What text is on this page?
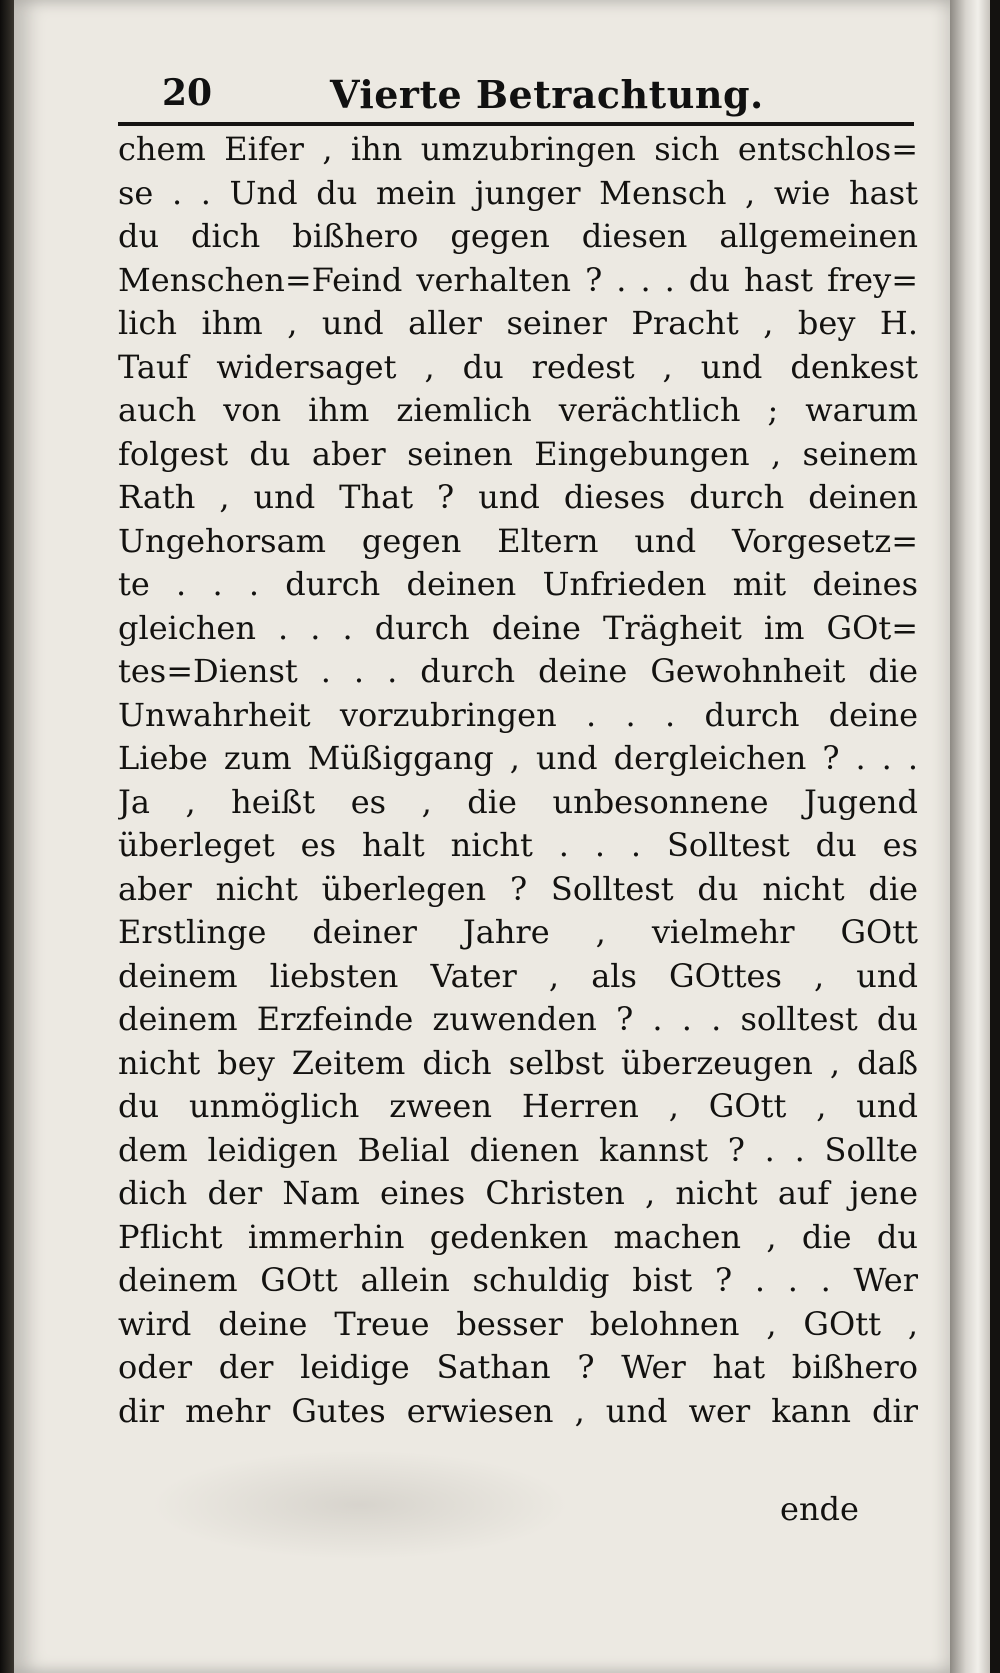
20	Vierte Betrachtung.
chem Eifer , ihn umzubringen sich entschlos=
se . . Und du mein junger Mensch , wie hast
du dich bißhero gegen diesen allgemeinen
Menschen=Feind verhalten ? . . . du hast frey=
lich ihm , und aller seiner Pracht , bey H.
Tauf widersaget , du redest , und denkest
auch von ihm ziemlich verächtlich ; warum
folgest du aber seinen Eingebungen , seinem
Rath , und That ? und dieses durch deinen
Ungehorsam gegen Eltern und Vorgesetz=
te . . . durch deinen Unfrieden mit deines
gleichen . . . durch deine Trägheit im GOt=
tes=Dienst . . . durch deine Gewohnheit die
Unwahrheit vorzubringen . . . durch deine
Liebe zum Müßiggang , und dergleichen ? . . .
Ja , heißt es , die unbesonnene Jugend
überleget es halt nicht . . . Solltest du es
aber nicht überlegen ? Solltest du nicht die
Erstlinge deiner Jahre , vielmehr GOtt
deinem liebsten Vater , als GOttes , und
deinem Erzfeinde zuwenden ? . . . solltest du
nicht bey Zeitem dich selbst überzeugen , daß
du unmöglich zween Herren , GOtt , und
dem leidigen Belial dienen kannst ? . . Sollte
dich der Nam eines Christen , nicht auf jene
Pflicht immerhin gedenken machen , die du
deinem GOtt allein schuldig bist ? . . . Wer
wird deine Treue besser belohnen , GOtt ,
oder der leidige Sathan ? Wer hat bißhero
dir mehr Gutes erwiesen , und wer kann dir
ende
